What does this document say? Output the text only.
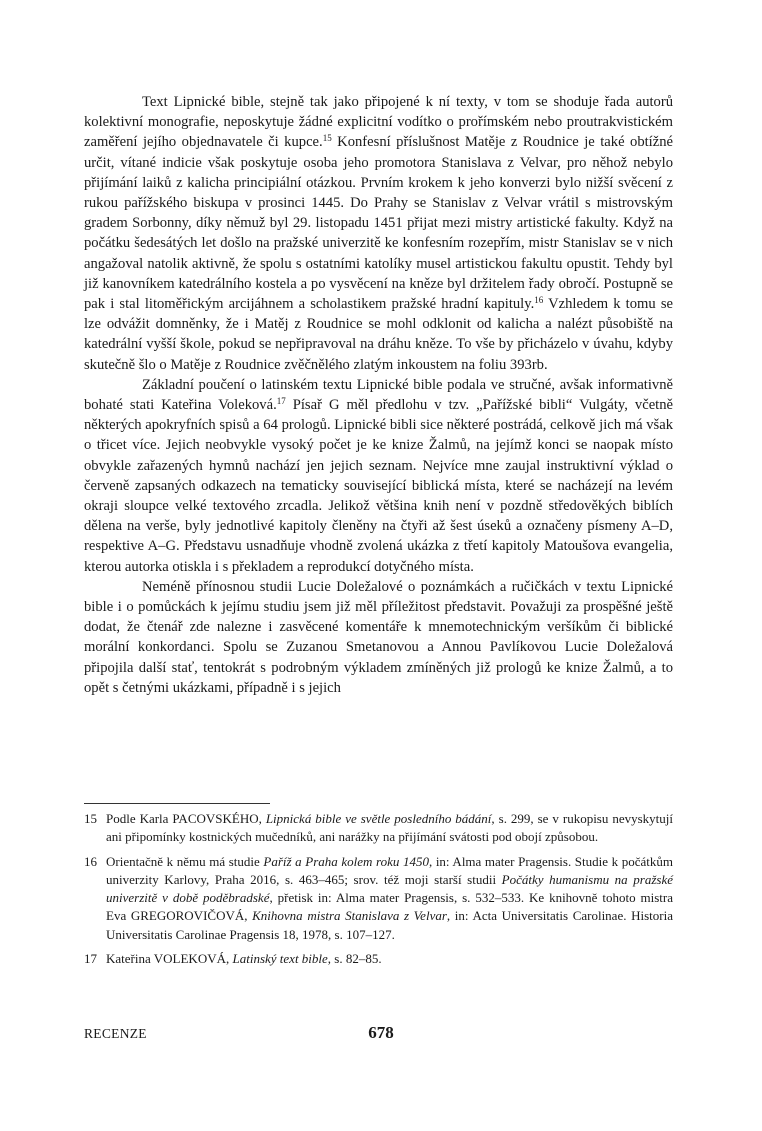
Text Lipnické bible, stejně tak jako připojené k ní texty, v tom se shoduje řada autorů kolektivní monografie, neposkytuje žádné explicitní vodítko o prořímském nebo proutrakvistickém zaměření jejího objednavatele či kupce.$^{15}$ Konfesní příslušnost Matěje z Roudnice je také obtížné určit, vítané indicie však poskytuje osoba jeho promotora Stanislava z Velvar, pro něhož nebylo přijímání laiků z kalicha principiální otázkou. Prvním krokem k jeho konverzi bylo nižší svěcení z rukou pařížského biskupa v prosinci 1445. Do Prahy se Stanislav z Velvar vrátil s mistrovským gradem Sorbonny, díky němuž byl 29. listopadu 1451 přijat mezi mistry artistické fakulty. Když na počátku šedesátých let došlo na pražské univerzitě ke konfesním rozepřím, mistr Stanislav se v nich angažoval natolik aktivně, že spolu s ostatními katolíky musel artistickou fakultu opustit. Tehdy byl již kanovníkem katedrálního kostela a po vysvěcení na kněze byl držitelem řady obročí. Postupně se pak i stal litoměřickým arcijáhnem a scholastikem pražské hradní kapituly.$^{16}$ Vzhledem k tomu se lze odvážit domněnky, že i Matěj z Roudnice se mohl odklonit od kalicha a nalézt působiště na katedrální vyšší škole, pokud se nepřipravoval na dráhu kněze. To vše by přicházelo v úvahu, kdyby skutečně šlo o Matěje z Roudnice zvěčnělého zlatým inkoustem na foliu 393rb.

Základní poučení o latinském textu Lipnické bible podala ve stručné, avšak informativně bohaté stati Kateřina Voleková.$^{17}$ Písař G měl předlohu v tzv. „Pařížské bibli“ Vulgáty, včetně některých apokryfních spisů a 64 prologů. Lipnické bibli sice některé postrádá, celkově jich má však o třicet více. Jejich neobvykle vysoký počet je ke knize Žalmů, na jejímž konci se naopak místo obvykle zařazených hymnů nachází jen jejich seznam. Nejvíce mne zaujal instruktivní výklad o červeně zapsaných odkazech na tematicky související biblická místa, které se nacházejí na levém okraji sloupce velké textového zrcadla. Jelikož většina knih není v pozdně středověkých biblích dělena na verše, byly jednotlivé kapitoly členěny na čtyři až šest úseků a označeny písmeny A–D, respektive A–G. Představu usnadňuje vhodně zvolená ukázka z třetí kapitoly Matoušova evangelia, kterou autorka otiskla i s překladem a reprodukcí dotyčného místa.

Neméně přínosnou studii Lucie Doležalové o poznámkách a ručičkách v textu Lipnické bible i o pomůckách k jejímu studiu jsem již měl příležitost představit. Považuji za prospěšné ještě dodat, že čtenář zde nalezne i zasvěcené komentáře k mnemotechnickým veršíkům či biblické morální konkordanci. Spolu se Zuzanou Smetanovou a Annou Pavlíkovou Lucie Doležalová připojila další stať, tentokrát s podrobným výkladem zmíněných již prologů ke knize Žalmů, a to opět s četnými ukázkami, případně i s jejich

15 Podle Karla PACOVSKÉHO, Lipnická bible ve světle posledního bádání, s. 299, se v rukopisu nevyskytují ani připomínky kostnických mučedníků, ani narážky na přijímání svátosti pod obojí způsobou.
16 Orientačně k němu má studie Paříž a Praha kolem roku 1450, in: Alma mater Pragensis. Studie k počátkům univerzity Karlovy, Praha 2016, s. 463–465; srov. též moji starší studii Počátky humanismu na pražské univerzitě v době poděbradské, přetisk in: Alma mater Pragensis, s. 532–533. Ke knihovně tohoto mistra Eva GREGOROVIČOVÁ, Knihovna mistra Stanislava z Velvar, in: Acta Universitatis Carolinae. Historia Universitatis Carolinae Pragensis 18, 1978, s. 107–127.
17 Kateřina VOLEKOVÁ, Latinský text bible, s. 82–85.
RECENZE	678
